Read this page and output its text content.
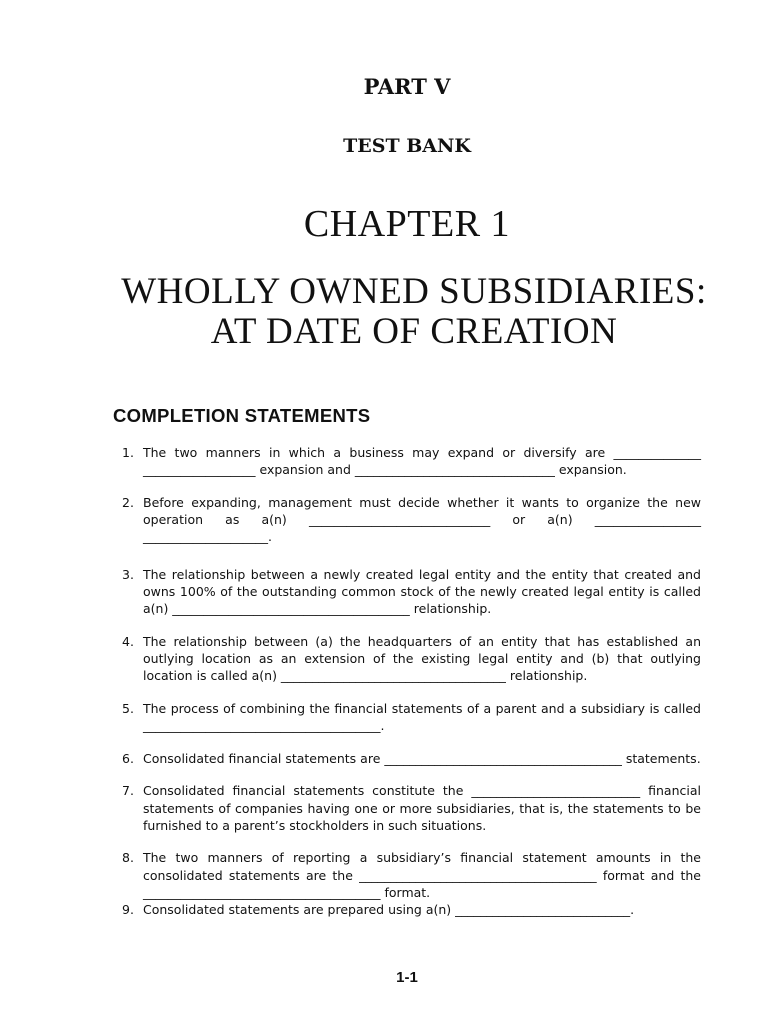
PART V
TEST BANK
CHAPTER 1
WHOLLY OWNED SUBSIDIARIES:
AT DATE OF CREATION
COMPLETION STATEMENTS
1. The two manners in which a business may expand or diversify are ______________ __________________ expansion and ________________________________ expansion.
2. Before expanding, management must decide whether it wants to organize the new operation as a(n) _____________________________ or a(n) _________________ ____________________.
3. The relationship between a newly created legal entity and the entity that created and owns 100% of the outstanding common stock of the newly created legal entity is called a(n) ______________________________________ relationship.
4. The relationship between (a) the headquarters of an entity that has established an outlying location as an extension of the existing legal entity and (b) that outlying location is called a(n) ____________________________________ relationship.
5. The process of combining the financial statements of a parent and a subsidiary is called ______________________________________.
6. Consolidated financial statements are ______________________________________ statements.
7. Consolidated financial statements constitute the ___________________________ financial statements of companies having one or more subsidiaries, that is, the statements to be furnished to a parent’s stockholders in such situations.
8. The two manners of reporting a subsidiary’s financial statement amounts in the consolidated statements are the ______________________________________ format and the ______________________________________ format.
9. Consolidated statements are prepared using a(n) ____________________________.
1-1
